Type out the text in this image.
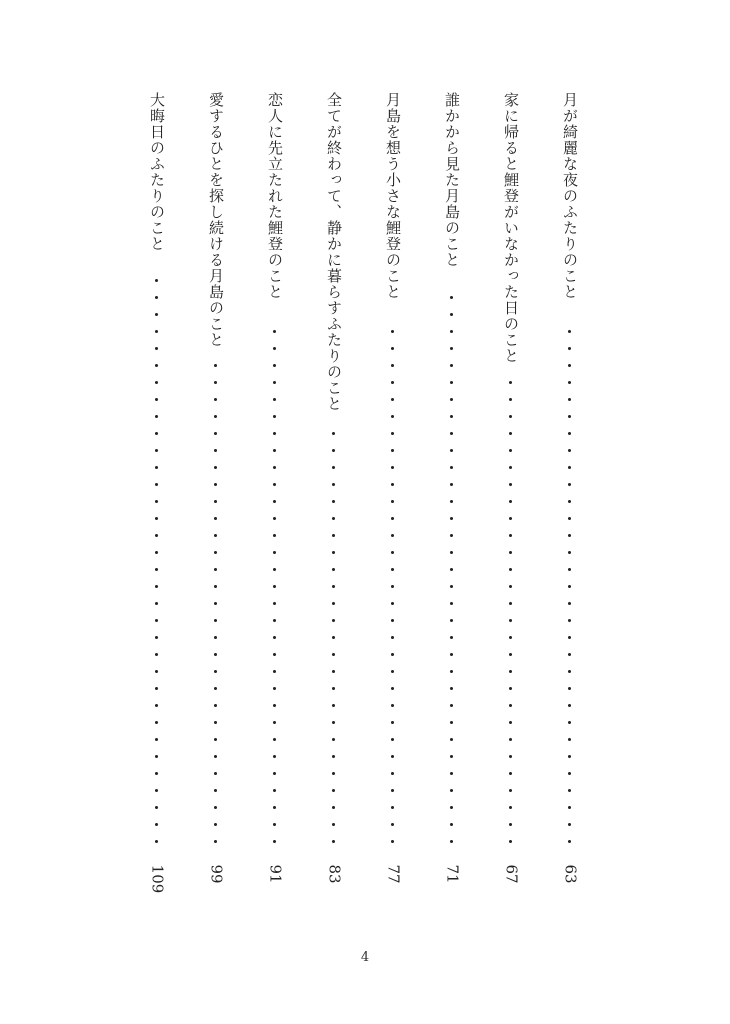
月が綺麗な夜のふたりのこと
63
家に帰ると鯉登がいなかった日のこと
67
誰かから見た月島のこと
71
月島を想う小さな鯉登のこと
77
全てが終わって、静かに暮らすふたりのこと
83
恋人に先立たれた鯉登のこと
91
愛するひとを探し続ける月島のこと
99
大晦日のふたりのこと
109
4
